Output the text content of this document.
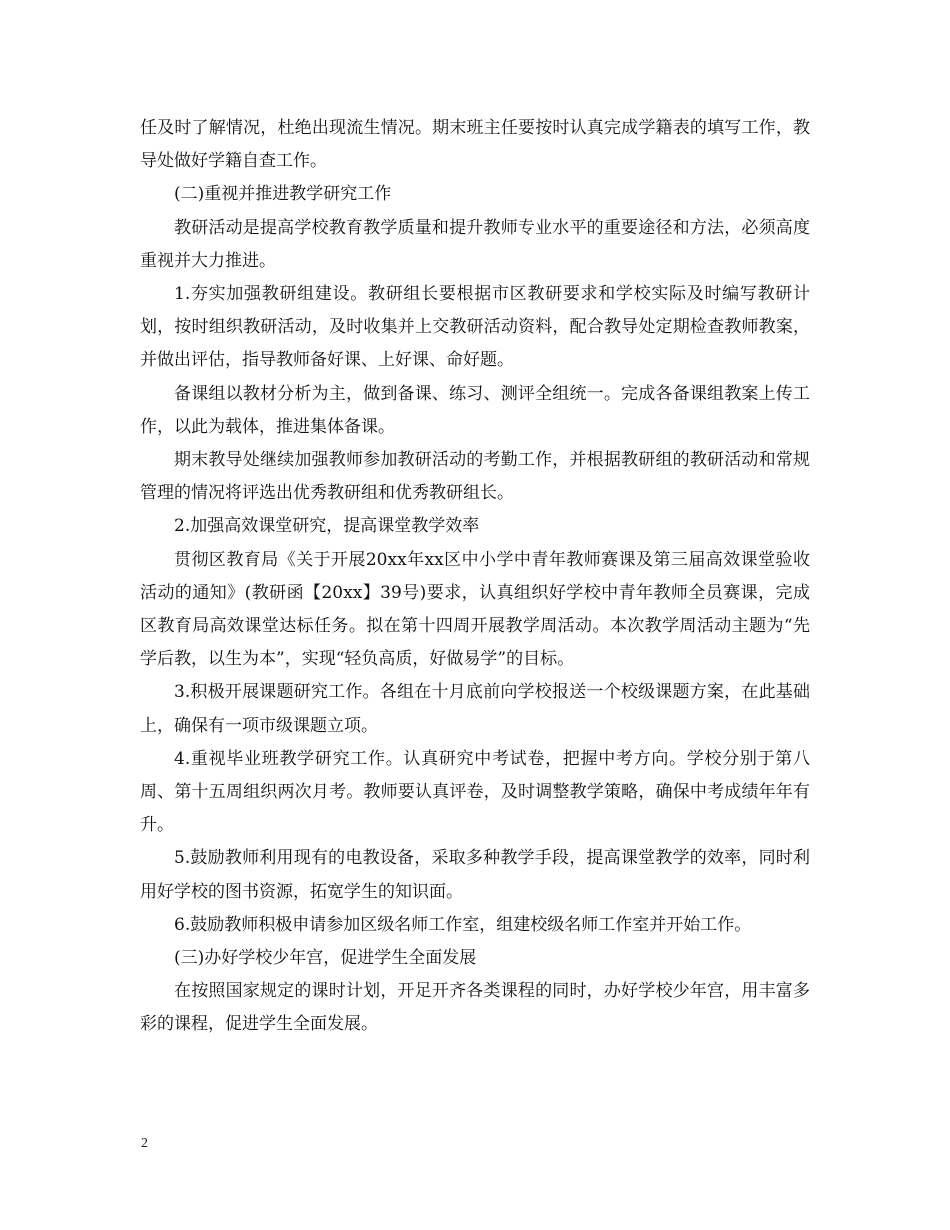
任及时了解情况，杜绝出现流生情况。期末班主任要按时认真完成学籍表的填写工作，教导处做好学籍自查工作。

(二)重视并推进教学研究工作

教研活动是提高学校教育教学质量和提升教师专业水平的重要途径和方法，必须高度重视并大力推进。

1.夯实加强教研组建设。教研组长要根据市区教研要求和学校实际及时编写教研计划，按时组织教研活动，及时收集并上交教研活动资料，配合教导处定期检查教师教案，并做出评估，指导教师备好课、上好课、命好题。

备课组以教材分析为主，做到备课、练习、测评全组统一。完成各备课组教案上传工作，以此为载体，推进集体备课。

期末教导处继续加强教师参加教研活动的考勤工作，并根据教研组的教研活动和常规管理的情况将评选出优秀教研组和优秀教研组长。

2.加强高效课堂研究，提高课堂教学效率

贯彻区教育局《关于开展20xx年xx区中小学中青年教师赛课及第三届高效课堂验收活动的通知》(教研函【20xx】39号)要求，认真组织好学校中青年教师全员赛课，完成区教育局高效课堂达标任务。拟在第十四周开展教学周活动。本次教学周活动主题为“先学后教，以生为本”，实现“轻负高质，好做易学”的目标。

3.积极开展课题研究工作。各组在十月底前向学校报送一个校级课题方案，在此基础上，确保有一项市级课题立项。

4.重视毕业班教学研究工作。认真研究中考试卷，把握中考方向。学校分别于第八周、第十五周组织两次月考。教师要认真评卷，及时调整教学策略，确保中考成绩年年有升。

5.鼓励教师利用现有的电教设备，采取多种教学手段，提高课堂教学的效率，同时利用好学校的图书资源，拓宽学生的知识面。

6.鼓励教师积极申请参加区级名师工作室，组建校级名师工作室并开始工作。

(三)办好学校少年宫，促进学生全面发展

在按照国家规定的课时计划，开足开齐各类课程的同时，办好学校少年宫，用丰富多彩的课程，促进学生全面发展。

2
